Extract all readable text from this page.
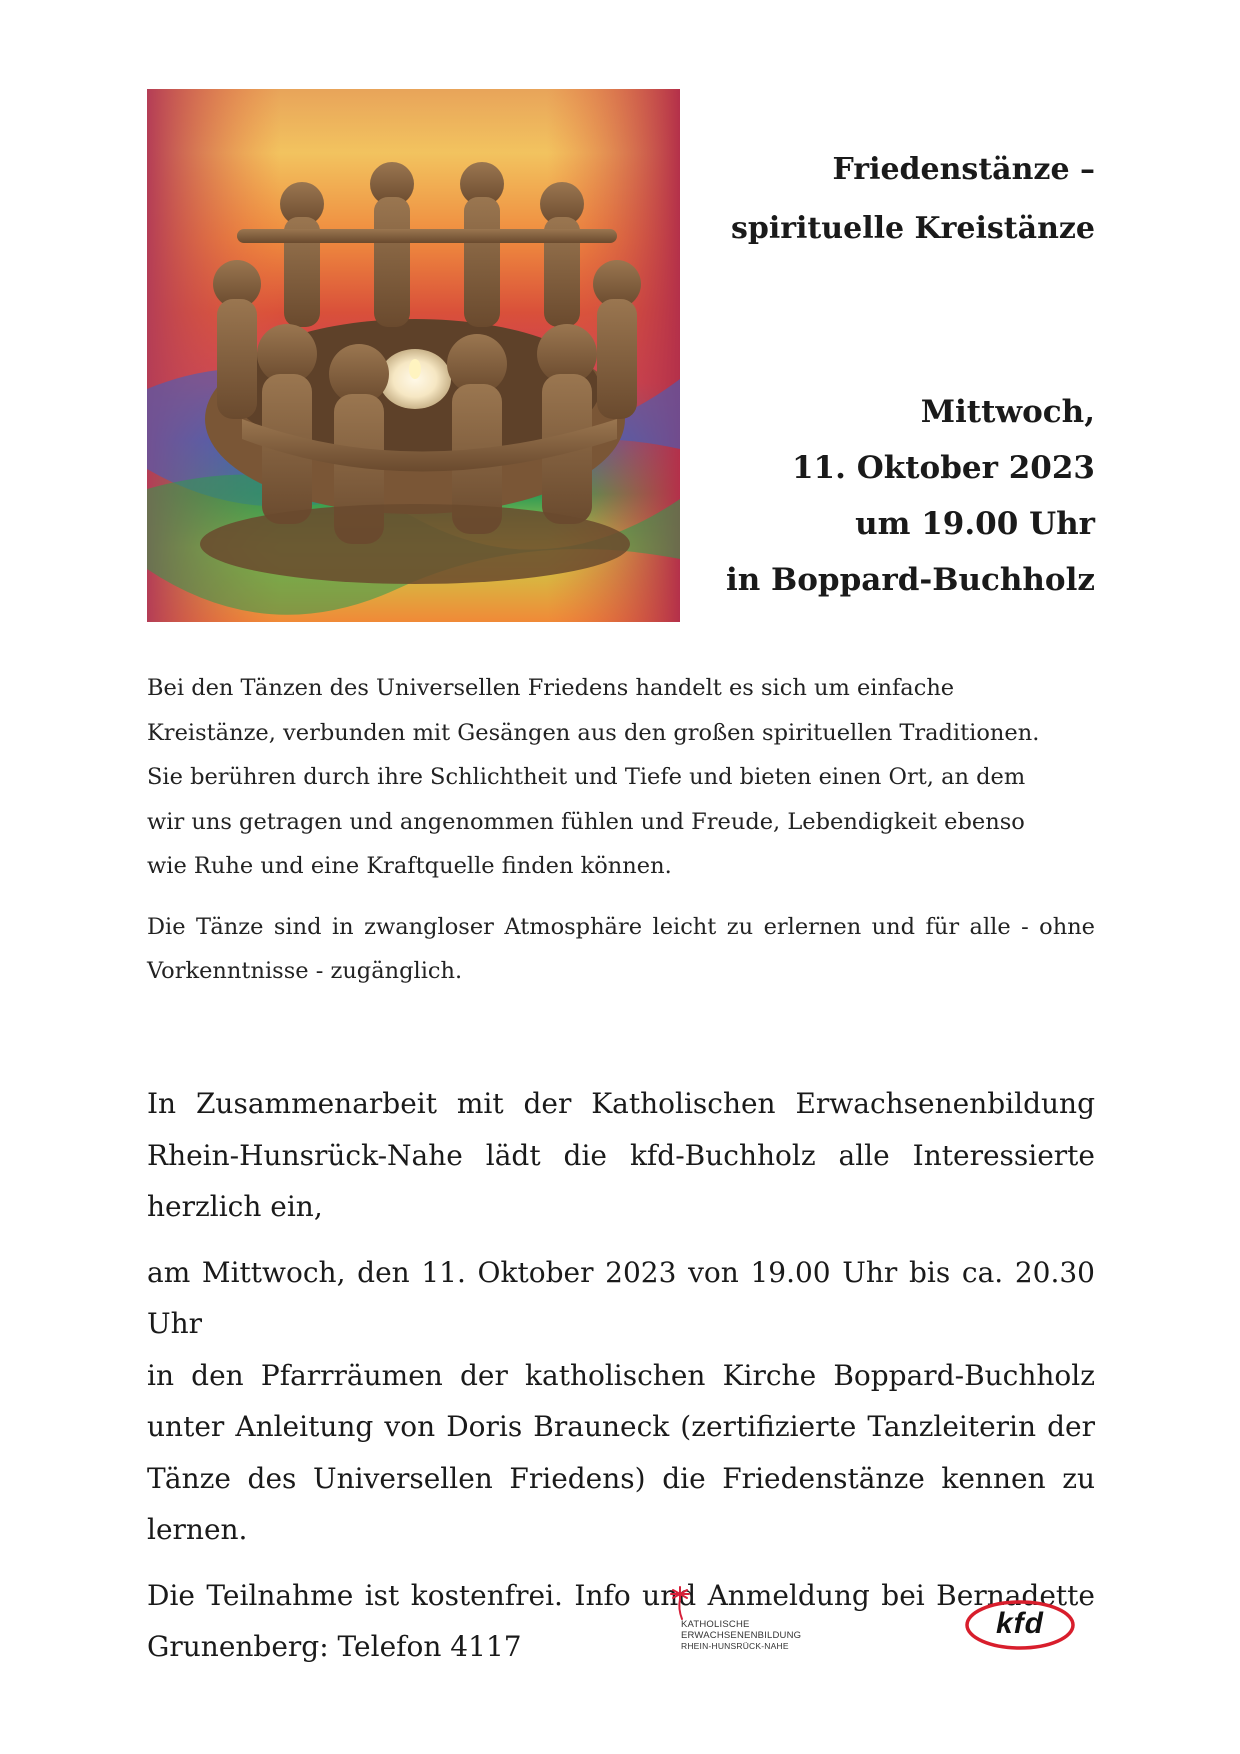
Friedenstänze –
spirituelle Kreistänze
Mittwoch,
11. Oktober 2023
um 19.00 Uhr
in Boppard-Buchholz

Bei den Tänzen des Universellen Friedens handelt es sich um einfache
Kreistänze, verbunden mit Gesängen aus den großen spirituellen Traditionen.
Sie berühren durch ihre Schlichtheit und Tiefe und bieten einen Ort, an dem
wir uns getragen und angenommen fühlen und Freude, Lebendigkeit ebenso
wie Ruhe und eine Kraftquelle finden können.

Die Tänze sind in zwangloser Atmosphäre leicht zu erlernen und für alle - ohne Vorkenntnisse - zugänglich.

In Zusammenarbeit mit der Katholischen Erwachsenenbildung
Rhein-Hunsrück-Nahe lädt die kfd-Buchholz alle Interessierte
herzlich ein,

am Mittwoch, den 11. Oktober 2023 von 19.00 Uhr bis ca. 20.30 Uhr
in den Pfarrräumen der katholischen Kirche Boppard-Buchholz
unter Anleitung von Doris Brauneck (zertifizierte Tanzleiterin der
Tänze des Universellen Friedens) die Friedenstänze kennen zu
lernen.

Die Teilnahme ist kostenfrei. Info und Anmeldung bei Bernadette
Grunenberg: Telefon 4117

KATHOLISCHE
ERWACHSENENBILDUNG
RHEIN-HUNSRÜCK-NAHE
kfd
